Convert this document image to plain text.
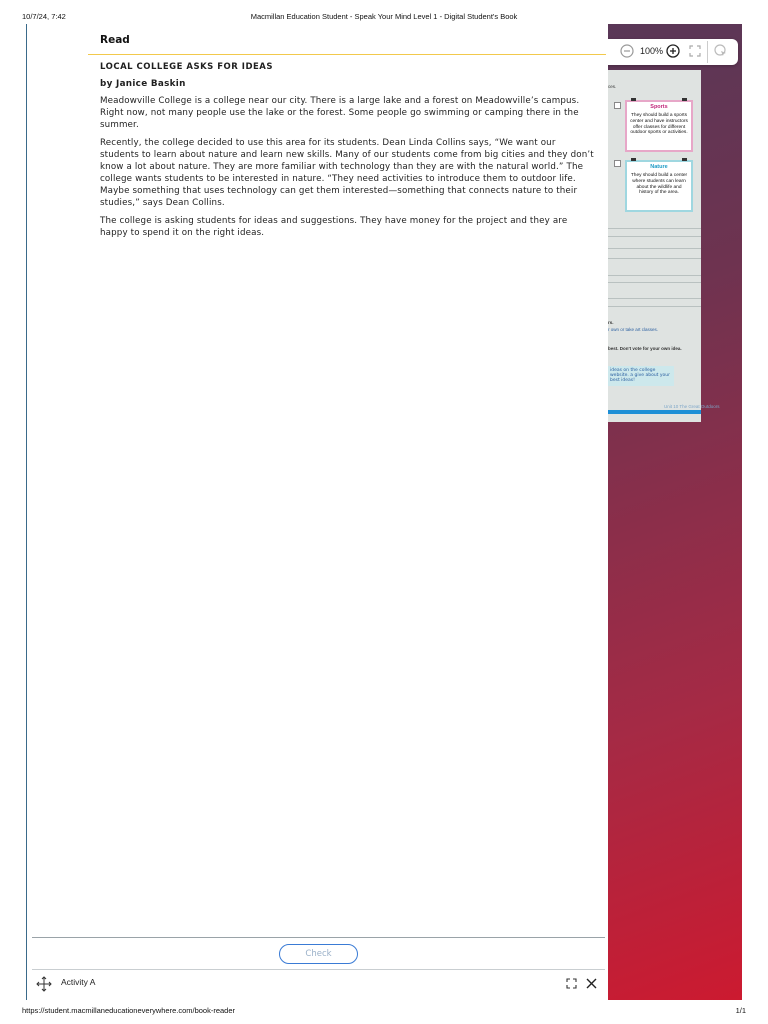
10/7/24, 7:42	Macmillan Education Student - Speak Your Mind Level 1 - Digital Student's Book
ces.
rs.
r own or take art classes.
best. Don't vote for your own idea.
ideas on the college website. a give about your best ideas!
Unit 10 The Great Outdoors
Sports
They should build a sports center and have instructors offer classes for different outdoor sports or activities.
Nature
They should build a center where students can learn about the wildlife and history of the area.
100%
Read
LOCAL COLLEGE ASKS FOR IDEAS
by Janice Baskin

Meadowville College is a college near our city. There is a large lake and a forest on Meadowville’s campus. Right now, not many people use the lake or the forest. Some people go swimming or camping there in the summer.

Recently, the college decided to use this area for its students. Dean Linda Collins says, “We want our students to learn about nature and learn new skills. Many of our students come from big cities and they don’t know a lot about nature. They are more familiar with technology than they are with the natural world.” The college wants students to be interested in nature. “They need activities to introduce them to outdoor life. Maybe something that uses technology can get them interested—something that connects nature to their studies,” says Dean Collins.

The college is asking students for ideas and suggestions. They have money for the project and they are happy to spend it on the right ideas.

Check
Activity A
https://student.macmillaneducationeverywhere.com/book-reader	1/1
